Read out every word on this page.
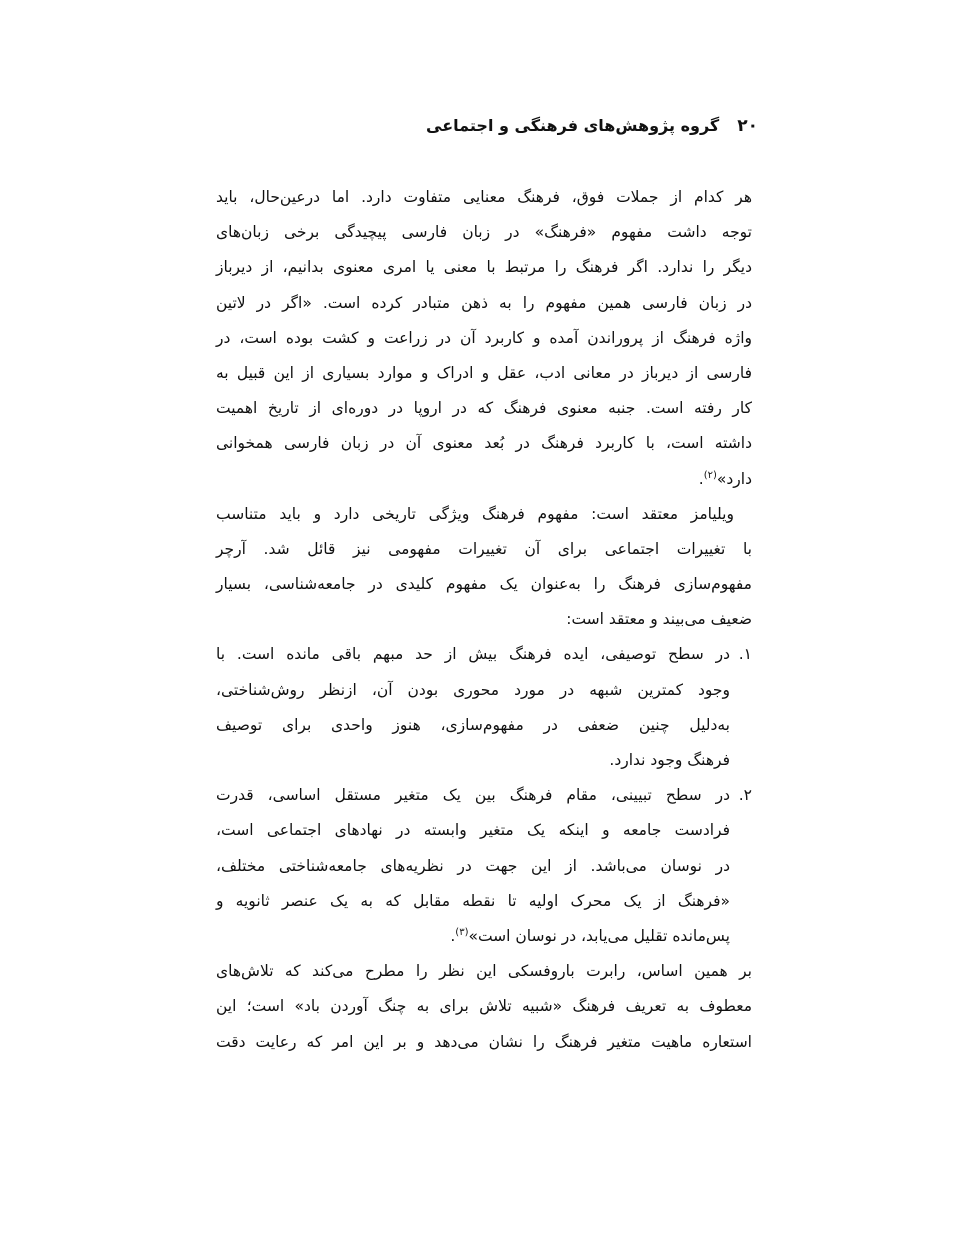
۲۰
گروه پژوهش‌های فرهنگی و اجتماعی
هر کدام از جملات فوق، فرهنگ معنایی متفاوت دارد. اما درعین‌حال، باید
توجه داشت مفهوم «فرهنگ» در زبان فارسی پیچیدگی برخی زبان‌های
دیگر را ندارد. اگر فرهنگ را مرتبط با معنی یا امری معنوی بدانیم، از دیرباز
در زبان فارسی همین مفهوم را به ذهن متبادر کرده است. «اگر در لاتین
واژه فرهنگ از پروراندن آمده و کاربرد آن در زراعت و کشت بوده است، در
فارسی از دیرباز در معانی ادب، عقل و ادراک و موارد بسیاری از این قبیل به
کار رفته است. جنبه معنوی فرهنگ که در اروپا در دوره‌ای از تاریخ اهمیت
داشته است، با کاربرد فرهنگ در بُعد معنوی آن در زبان فارسی همخوانی
دارد»$^{(۲)}$.
ویلیامز معتقد است: مفهوم فرهنگ ویژگی تاریخی دارد و باید متناسب
با تغییرات اجتماعی برای آن تغییرات مفهومی نیز قائل شد. آرچر
مفهوم‌سازی فرهنگ را به‌عنوان یک مفهوم کلیدی در جامعه‌شناسی، بسیار
ضعیف می‌بیند و معتقد است:
۱.
در سطح توصیفی، ایده فرهنگ بیش از حد مبهم باقی مانده است. با
وجود کمترین شبهه در مورد محوری بودن آن، ازنظر روش‌شناختی،
به‌دلیل چنین ضعفی در مفهوم‌سازی، هنوز واحدی برای توصیف
فرهنگ وجود ندارد.
۲.
در سطح تبیینی، مقام فرهنگ بین یک متغیر مستقل اساسی، قدرت
فرادست جامعه و اینکه یک متغیر وابسته در نهادهای اجتماعی است،
در نوسان می‌باشد. از این جهت در نظریه‌های جامعه‌شناختی مختلف،
«فرهنگ از یک محرک اولیه تا نقطه مقابل که به یک عنصر ثانویه و
پس‌مانده تقلیل می‌یابد، در نوسان است»$^{(۳)}$.
بر همین اساس، رابرت باروفسکی این نظر را مطرح می‌کند که تلاش‌های
معطوف به تعریف فرهنگ «شبیه تلاش برای به چنگ آوردن باد» است؛ این
استعاره ماهیت متغیر فرهنگ را نشان می‌دهد و بر این امر که رعایت دقت
